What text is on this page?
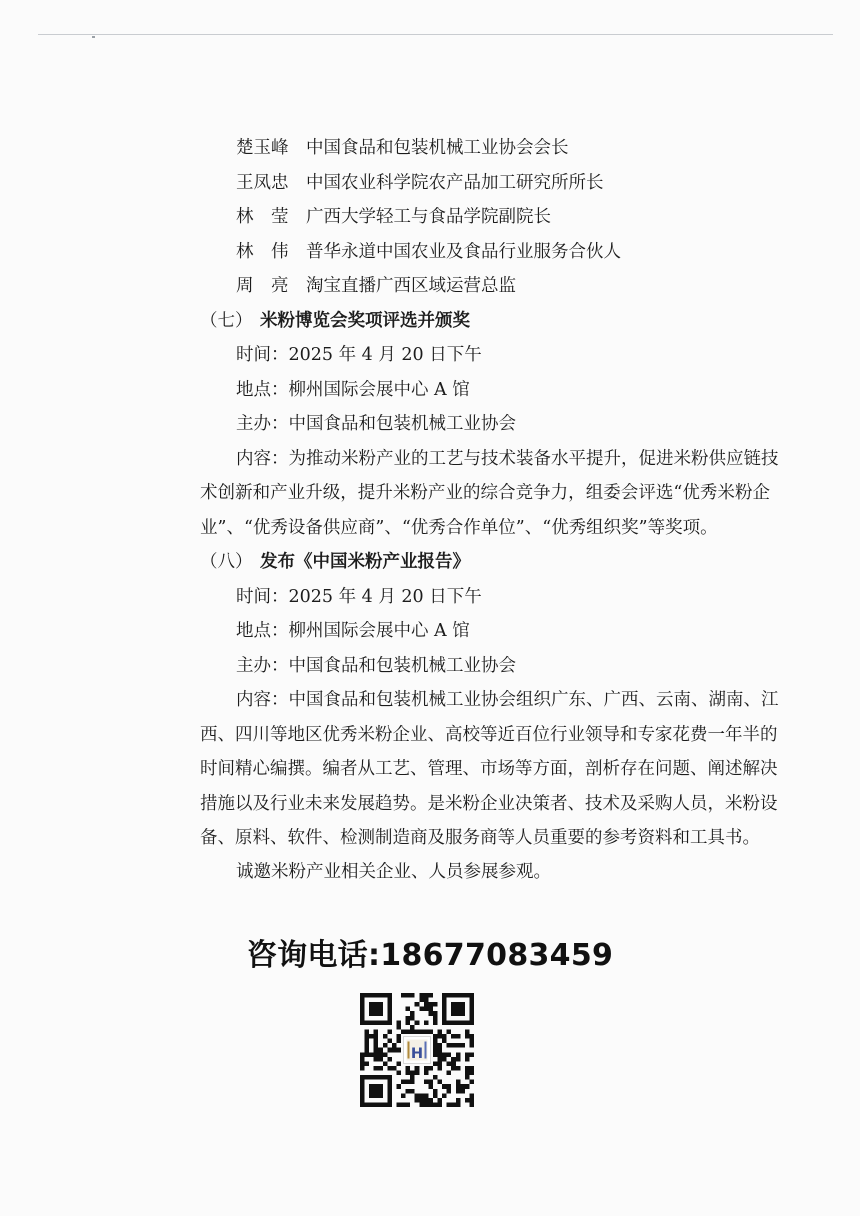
楚玉峰 中国食品和包装机械工业协会会长
王凤忠 中国农业科学院农产品加工研究所所长
林　莹 广西大学轻工与食品学院副院长
林　伟 普华永道中国农业及食品行业服务合伙人
周　亮 淘宝直播广西区域运营总监
（七） 米粉博览会奖项评选并颁奖
时间：2025 年 4 月 20 日下午
地点：柳州国际会展中心 A 馆
主办：中国食品和包装机械工业协会
内容：为推动米粉产业的工艺与技术装备水平提升，促进米粉供应链技
术创新和产业升级，提升米粉产业的综合竞争力，组委会评选“优秀米粉企
业”、“优秀设备供应商”、“优秀合作单位”、“优秀组织奖”等奖项。
（八） 发布《中国米粉产业报告》
时间：2025 年 4 月 20 日下午
地点：柳州国际会展中心 A 馆
主办：中国食品和包装机械工业协会
内容：中国食品和包装机械工业协会组织广东、广西、云南、湖南、江
西、四川等地区优秀米粉企业、高校等近百位行业领导和专家花费一年半的
时间精心编撰。编者从工艺、管理、市场等方面，剖析存在问题、阐述解决
措施以及行业未来发展趋势。是米粉企业决策者、技术及采购人员，米粉设
备、原料、软件、检测制造商及服务商等人员重要的参考资料和工具书。
诚邀米粉产业相关企业、人员参展参观。
咨询电话:18677083459
H
